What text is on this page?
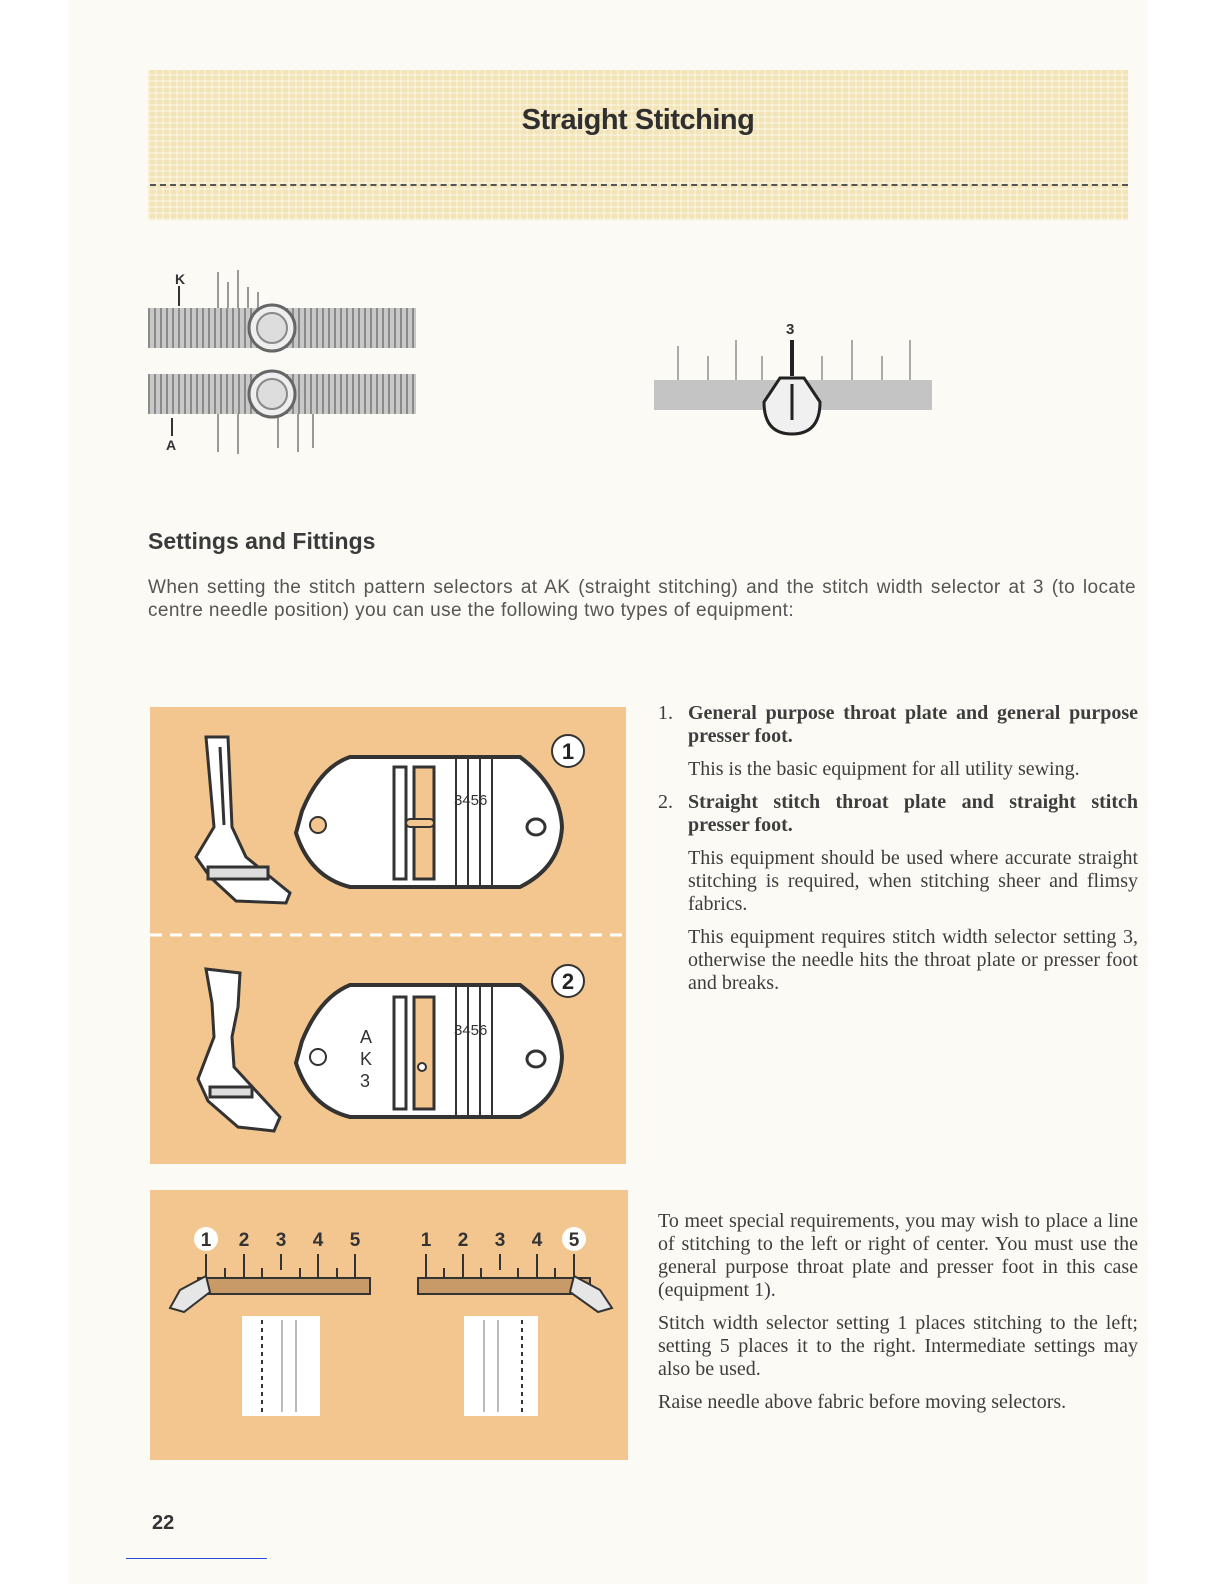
Straight Stitching
K
A
3
Settings and Fittings
When setting the stitch pattern selectors at AK (straight stitching) and the stitch width selector at 3 (to locate centre needle position) you can use the following two types of equipment:
3456
1
3456
A
K
3
2
1. General purpose throat plate and general purpose presser foot.

This is the basic equipment for all utility sewing.

2. Straight stitch throat plate and straight stitch presser foot.

This equipment should be used where accurate straight stitching is required, when stitching sheer and flimsy fabrics.

This equipment requires stitch width selector setting 3, otherwise the needle hits the throat plate or presser foot and breaks.

1 2 3 4 5	1 2 3 4 5

To meet special requirements, you may wish to place a line of stitching to the left or right of center. You must use the general purpose throat plate and presser foot in this case (equipment 1).

Stitch width selector setting 1 places stitching to the left; setting 5 places it to the right. Intermediate settings may also be used.

Raise needle above fabric before moving selectors.

22
